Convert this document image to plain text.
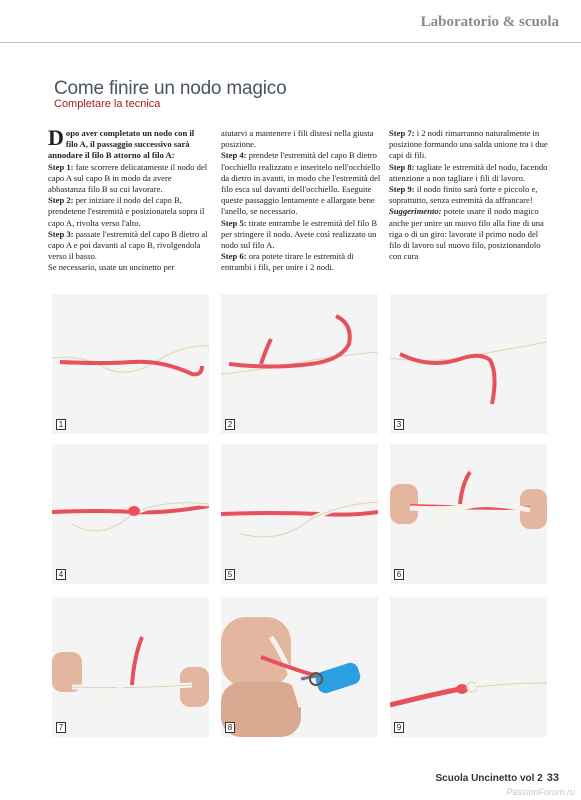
Laboratorio & scuola
Come finire un nodo magico
Completare la tecnica

Dopo aver completato un nodo con il filo A, il passaggio successivo sarà annodare il filo B attorno al filo A:

Step 1: fate scorrere delicatamente il nodo del capo A sul capo B in modo da avere abbastanza filo B su cui lavorare.

Step 2: per iniziare il nodo del capo B, prendetene l'estremità e posizionatela sopra il capo A, rivolta verso l'alto.

Step 3: passate l'estremità del capo B dietro al capo A e poi davanti al capo B, rivolgendola verso il basso.

Se necessario, usate un uncinetto per

aiutarvi a mantenere i fili distesi nella giusta posizione.

Step 4: prendete l'estremità del capo B dietro l'occhiello realizzato e inseritelo nell'occhiello da dietro in avanti, in modo che l'estremità del filo esca sul davanti dell'occhiello. Eseguite queste passaggio lentamente e allargate bene l'anello, se necessario.

Step 5: tirate entrambe le estremità del filo B per stringere il nodo. Avete così realizzato un nodo sul filo A.

Step 6: ora potete tirare le estremità di entrambi i fili, per unire i 2 nodi.

Step 7: i 2 nodi rimarranno naturalmente in posizione formando una salda unione tra i due capi di fili.

Step 8: tagliate le estremità del nodo, facendo attenzione a non tagliare i fili di lavoro.

Step 9: il nodo finito sarà forte e piccolo e, soprattutto, senza estremità da affrancare!

Suggerimento: potete usare il nodo magico anche per unire un nuovo filo alla fine di una riga o di un giro: lavorate il primo nodo del filo di lavoro sul nuovo filo, posizionandolo con cura

1	2	3
4	5	6
7	8	9
Scuola Uncinetto vol 2 33
PassionForum.ru
